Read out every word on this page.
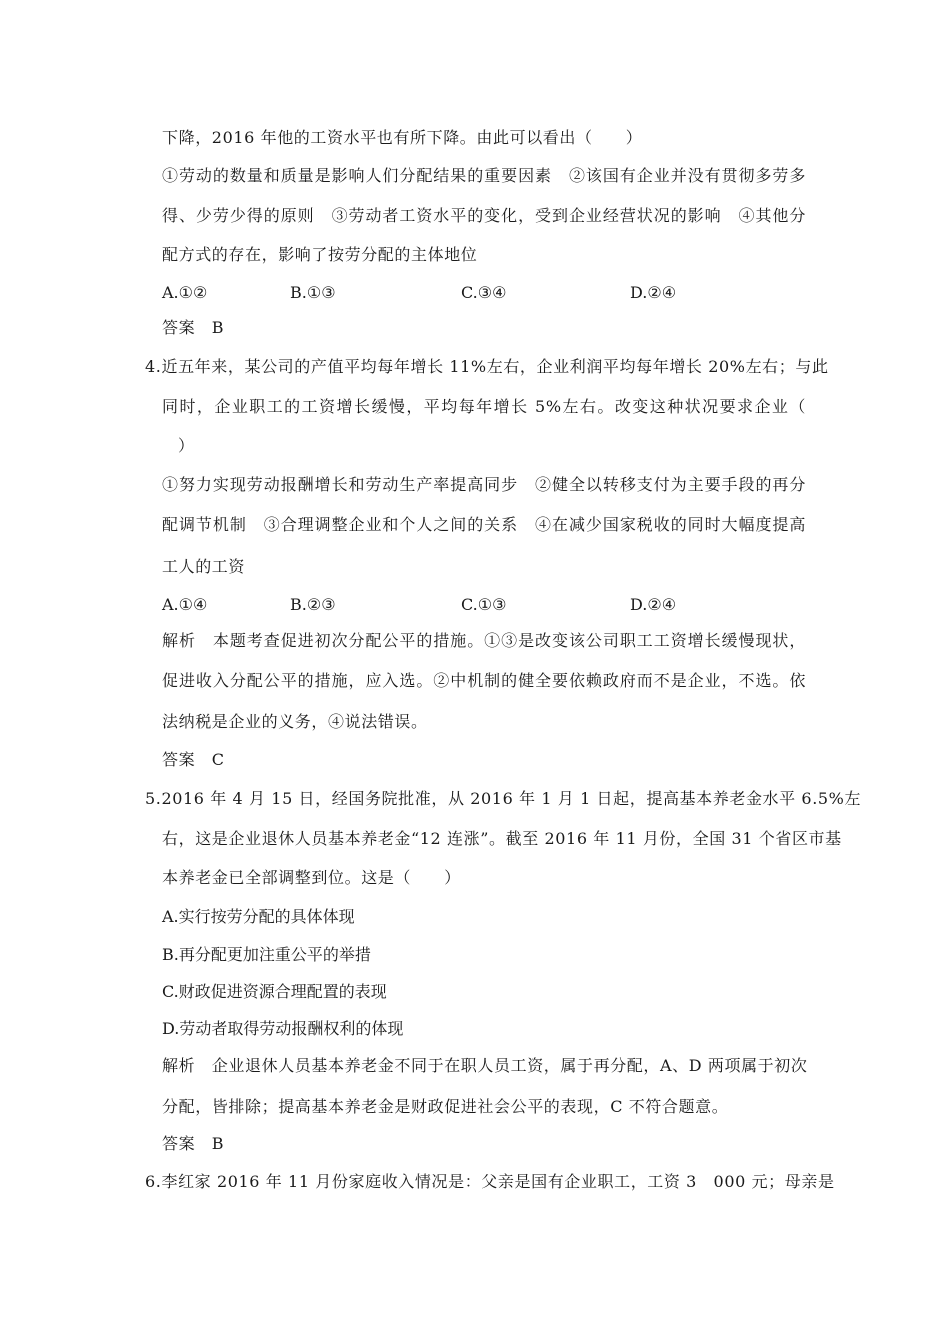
下降，2016 年他的工资水平也有所下降。由此可以看出（　　）
①劳动的数量和质量是影响人们分配结果的重要因素　②该国有企业并没有贯彻多劳多
得、少劳少得的原则　③劳动者工资水平的变化，受到企业经营状况的影响　④其他分
配方式的存在，影响了按劳分配的主体地位
A.①②	B.①③	C.③④	D.②④
答案　B
4.近五年来，某公司的产值平均每年增长 11%左右，企业利润平均每年增长 20%左右；与此
同时，企业职工的工资增长缓慢，平均每年增长 5%左右。改变这种状况要求企业（
）
①努力实现劳动报酬增长和劳动生产率提高同步　②健全以转移支付为主要手段的再分
配调节机制　③合理调整企业和个人之间的关系　④在减少国家税收的同时大幅度提高
工人的工资
A.①④	B.②③	C.①③	D.②④
解析　本题考查促进初次分配公平的措施。①③是改变该公司职工工资增长缓慢现状，
促进收入分配公平的措施，应入选。②中机制的健全要依赖政府而不是企业，不选。依
法纳税是企业的义务，④说法错误。
答案　C
5.2016 年 4 月 15 日，经国务院批准，从 2016 年 1 月 1 日起，提高基本养老金水平 6.5%左
右，这是企业退休人员基本养老金“12 连涨”。截至 2016 年 11 月份，全国 31 个省区市基
本养老金已全部调整到位。这是（　　）
A.实行按劳分配的具体体现
B.再分配更加注重公平的举措
C.财政促进资源合理配置的表现
D.劳动者取得劳动报酬权利的体现
解析　企业退休人员基本养老金不同于在职人员工资，属于再分配，A、D 两项属于初次
分配，皆排除；提高基本养老金是财政促进社会公平的表现，C 不符合题意。
答案　B
6.李红家 2016 年 11 月份家庭收入情况是：父亲是国有企业职工，工资 3　000 元；母亲是
